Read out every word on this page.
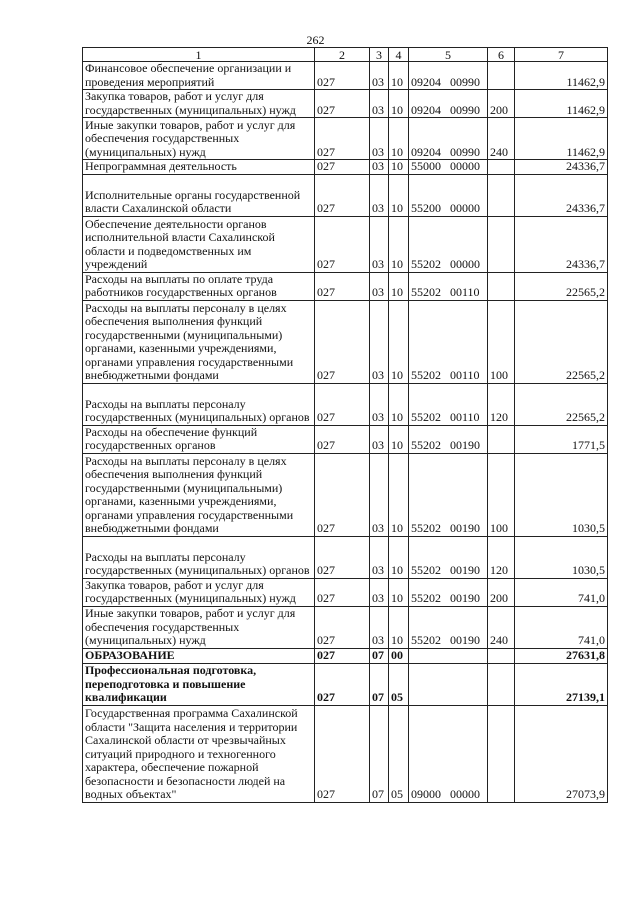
262
1	2	3	4	5	6	7
Финансовое обеспечение организации и проведения мероприятий	027	03	10	09204 00990		11462,9
Закупка товаров, работ и услуг для государственных (муниципальных) нужд	027	03	10	09204 00990	200	11462,9
Иные закупки товаров, работ и услуг для обеспечения государственных (муниципальных) нужд	027	03	10	09204 00990	240	11462,9
Непрограммная деятельность	027	03	10	55000 00000		24336,7
Исполнительные органы государственной власти Сахалинской области	027	03	10	55200 00000		24336,7
Обеспечение деятельности органов исполнительной власти Сахалинской области и подведомственных им учреждений	027	03	10	55202 00000		24336,7
Расходы на выплаты по оплате труда работников государственных органов	027	03	10	55202 00110		22565,2
Расходы на выплаты персоналу в целях обеспечения выполнения функций государственными (муниципальными) органами, казенными учреждениями, органами управления государственными внебюджетными фондами	027	03	10	55202 00110	100	22565,2
Расходы на выплаты персоналу государственных (муниципальных) органов	027	03	10	55202 00110	120	22565,2
Расходы на обеспечение функций государственных органов	027	03	10	55202 00190		1771,5
Расходы на выплаты персоналу в целях обеспечения выполнения функций государственными (муниципальными) органами, казенными учреждениями, органами управления государственными внебюджетными фондами	027	03	10	55202 00190	100	1030,5
Расходы на выплаты персоналу государственных (муниципальных) органов	027	03	10	55202 00190	120	1030,5
Закупка товаров, работ и услуг для государственных (муниципальных) нужд	027	03	10	55202 00190	200	741,0
Иные закупки товаров, работ и услуг для обеспечения государственных (муниципальных) нужд	027	03	10	55202 00190	240	741,0
ОБРАЗОВАНИЕ	027	07	00			27631,8
Профессиональная подготовка, переподготовка и повышение квалификации	027	07	05			27139,1
Государственная программа Сахалинской области "Защита населения и территории Сахалинской области от чрезвычайных ситуаций природного и техногенного характера, обеспечение пожарной безопасности и безопасности людей на водных объектах"	027	07	05	09000 00000		27073,9
